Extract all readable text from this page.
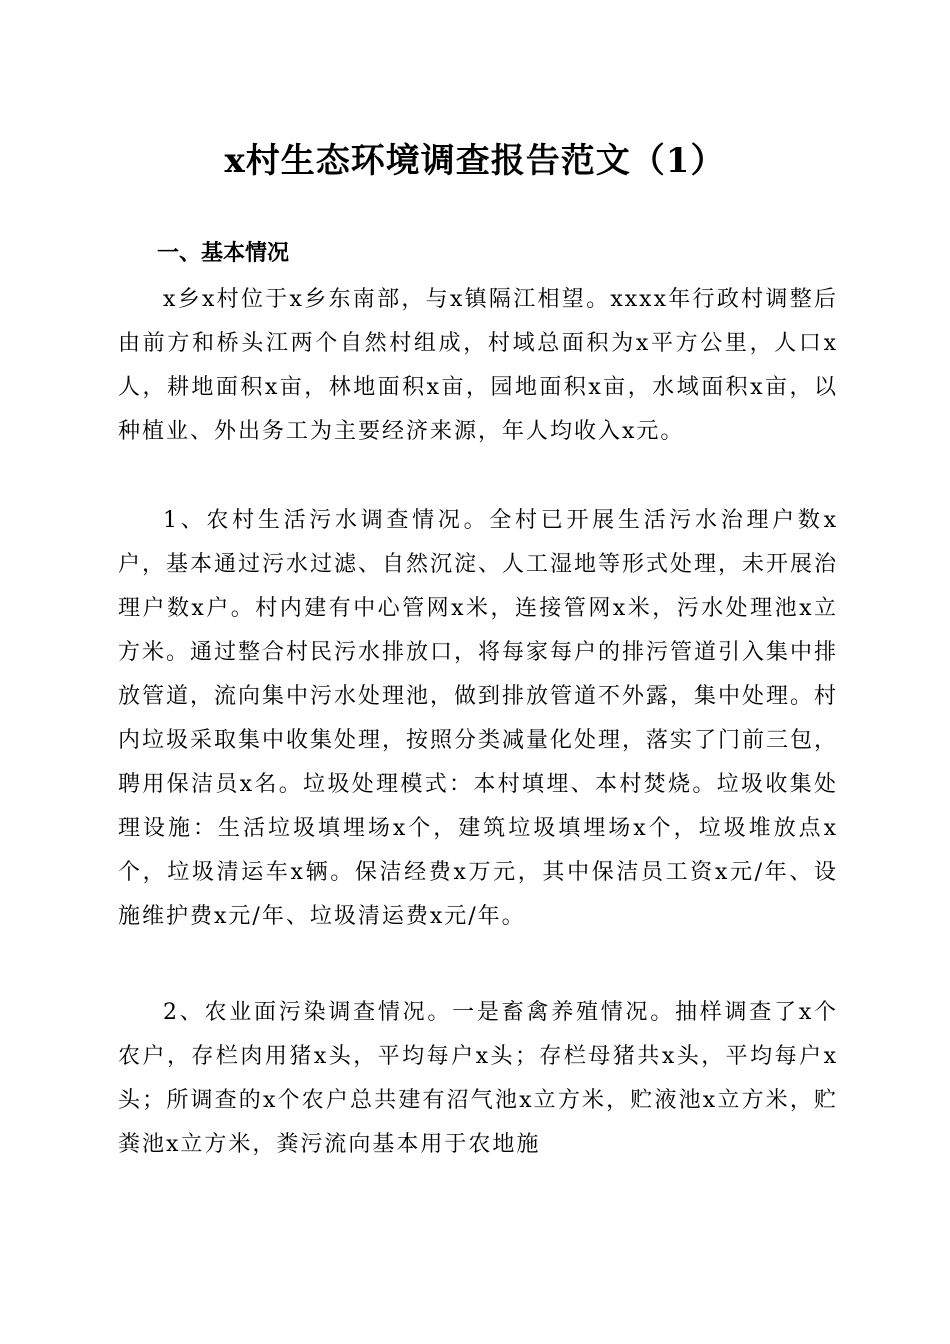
x村生态环境调查报告范文（1）
一、基本情况

x乡x村位于x乡东南部，与x镇隔江相望。xxxx年行政村调整后由前方和桥头江两个自然村组成，村域总面积为x平方公里，人口x人，耕地面积x亩，林地面积x亩，园地面积x亩，水域面积x亩，以种植业、外出务工为主要经济来源，年人均收入x元。

1、农村生活污水调查情况。全村已开展生活污水治理户数x户，基本通过污水过滤、自然沉淀、人工湿地等形式处理，未开展治理户数x户。村内建有中心管网x米，连接管网x米，污水处理池x立方米。通过整合村民污水排放口，将每家每户的排污管道引入集中排放管道，流向集中污水处理池，做到排放管道不外露，集中处理。村内垃圾采取集中收集处理，按照分类减量化处理，落实了门前三包，聘用保洁员x名。垃圾处理模式：本村填埋、本村焚烧。垃圾收集处理设施：生活垃圾填埋场x个，建筑垃圾填埋场x个，垃圾堆放点x个，垃圾清运车x辆。保洁经费x万元，其中保洁员工资x元/年、设施维护费x元/年、垃圾清运费x元/年。

2、农业面污染调查情况。一是畜禽养殖情况。抽样调查了x个农户，存栏肉用猪x头，平均每户x头；存栏母猪共x头，平均每户x头；所调查的x个农户总共建有沼气池x立方米，贮液池x立方米，贮粪池x立方米，粪污流向基本用于农地施
